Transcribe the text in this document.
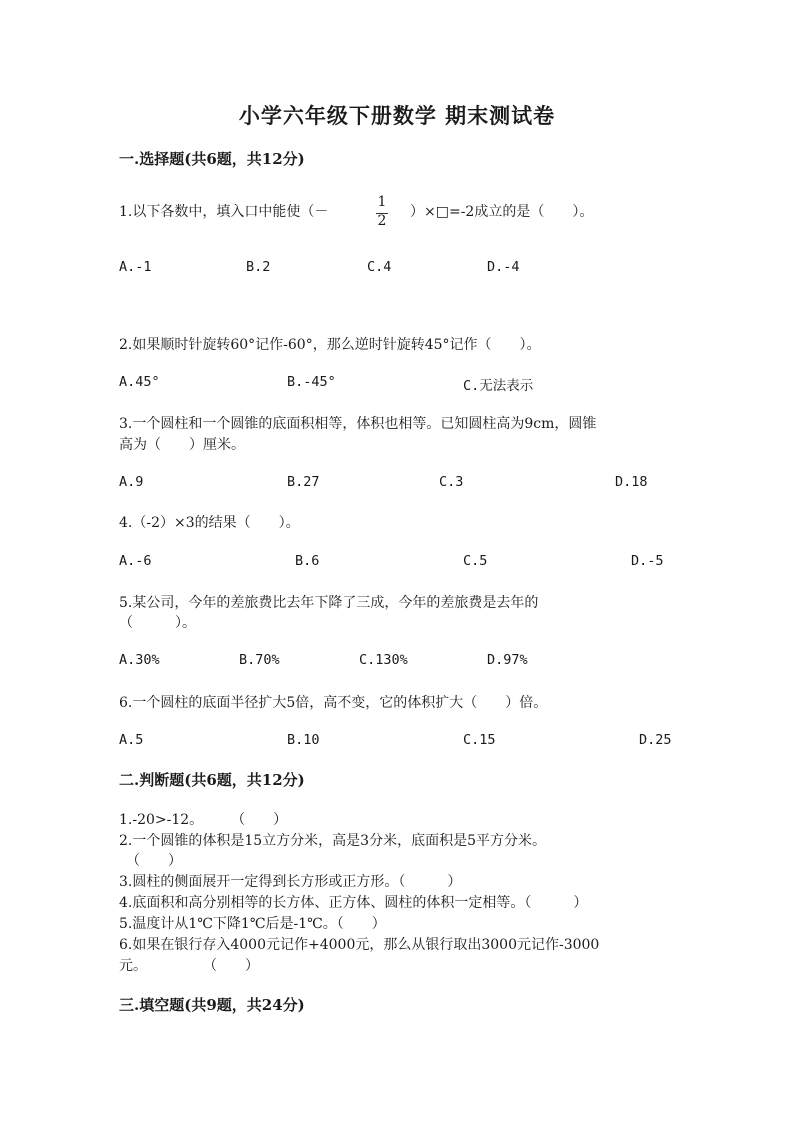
小学六年级下册数学 期末测试卷
一.选择题(共6题，共12分)
1.以下各数中，填入口中能使（－
1
2
）×□=-2成立的是（　　）。
A.-1	B.2	C.4	D.-4
2.如果顺时针旋转60°记作-60°，那么逆时针旋转45°记作（　　）。
A.45°	B.-45°	C.无法表示
3.一个圆柱和一个圆锥的底面积相等，体积也相等。已知圆柱高为9cm，圆锥
高为（　　）厘米。
A.9	B.27	C.3	D.18
4.（-2）×3的结果（　　）。
A.-6	B.6	C.5	D.-5
5.某公司，今年的差旅费比去年下降了三成，今年的差旅费是去年的
（　　　）。
A.30%	B.70%	C.130%	D.97%
6.一个圆柱的底面半径扩大5倍，高不变，它的体积扩大（　　）倍。
A.5	B.10	C.15	D.25
二.判断题(共6题，共12分)
1.-20>-12。　　　（　　）
2.一个圆锥的体积是15立方分米，高是3分米，底面积是5平方分米。
　（　　）
3.圆柱的侧面展开一定得到长方形或正方形。（　　　）
4.底面积和高分别相等的长方体、正方体、圆柱的体积一定相等。（　　　）
5.温度计从1℃下降1℃后是-1℃。（　　）
6.如果在银行存入4000元记作+4000元，那么从银行取出3000元记作-3000
元。　　　　　（　　）
三.填空题(共9题，共24分)
